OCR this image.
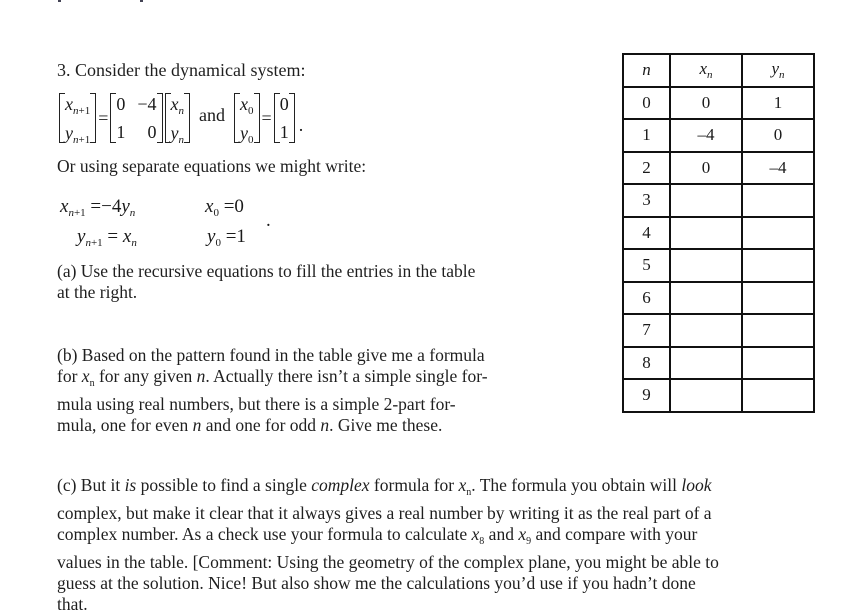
3. Consider the dynamical system:
$x_{n+1}$
$y_{n+1}$
=
0 −4
1 0
$x_n$
$y_n$
and
$x_0$
$y_0$
=
0
1 .
Or using separate equations we might write:
$x_{n+1} =-4y_n$
$y_{n+1} = x_n$
$x_0 =0$
$y_0 =1$
.
(a) Use the recursive equations to fill the entries in the table
at the right.
(b) Based on the pattern found in the table give me a formula
for $x_n$ for any given n. Actually there isn’t a simple single for-
mula using real numbers, but there is a simple 2-part for-
mula, one for even n and one for odd n. Give me these.
n	$x_n$	$y_n$
0	0	1
1	–4	0
2	0	–4
3		
4		
5		
6		
7		
8		
9		
(c) But it is possible to find a single complex formula for $x_n$. The formula you obtain will look
complex, but make it clear that it always gives a real number by writing it as the real part of a
complex number. As a check use your formula to calculate $x_8$ and $x_9$ and compare with your
values in the table. [Comment: Using the geometry of the complex plane, you might be able to
guess at the solution. Nice! But also show me the calculations you’d use if you hadn’t done
that.
